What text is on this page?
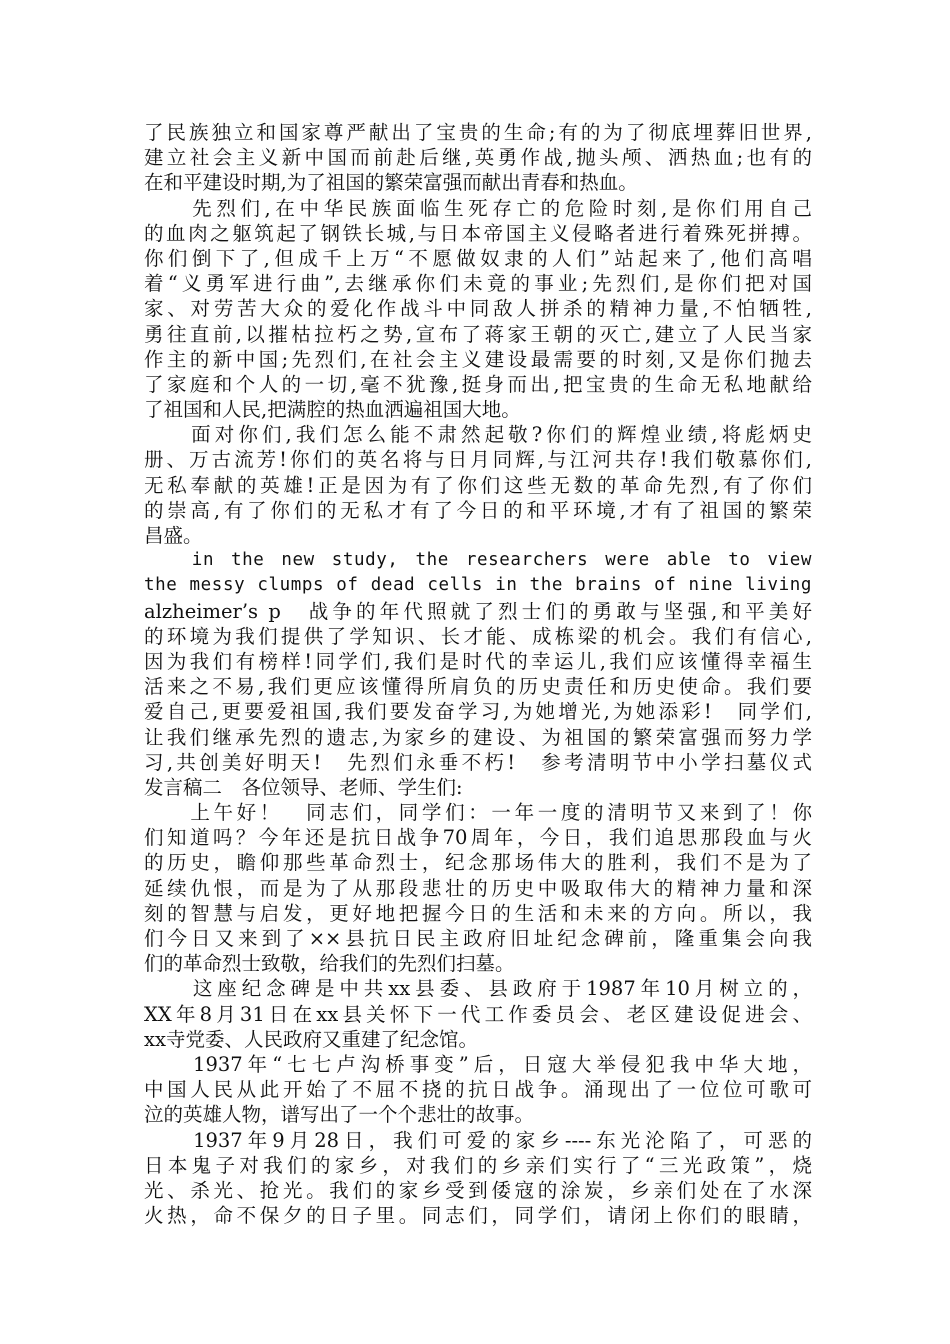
了民族独立和国家尊严献出了宝贵的生命;有的为了彻底埋葬旧世界,
建立社会主义新中国而前赴后继,英勇作战,抛头颅、洒热血;也有的
在和平建设时期,为了祖国的繁荣富强而献出青春和热血。
　　先烈们,在中华民族面临生死存亡的危险时刻,是你们用自己
的血肉之躯筑起了钢铁长城,与日本帝国主义侵略者进行着殊死拼搏。
你们倒下了,但成千上万“不愿做奴隶的人们”站起来了,他们高唱
着“义勇军进行曲”,去继承你们未竟的事业;先烈们,是你们把对国
家、对劳苦大众的爱化作战斗中同敌人拼杀的精神力量,不怕牺牲,
勇往直前,以摧枯拉朽之势,宣布了蒋家王朝的灭亡,建立了人民当家
作主的新中国;先烈们,在社会主义建设最需要的时刻,又是你们抛去
了家庭和个人的一切,毫不犹豫,挺身而出,把宝贵的生命无私地献给
了祖国和人民,把满腔的热血洒遍祖国大地。
　　面对你们,我们怎么能不肃然起敬?你们的辉煌业绩,将彪炳史
册、万古流芳!你们的英名将与日月同辉,与江河共存!我们敬慕你们,
无私奉献的英雄!正是因为有了你们这些无数的革命先烈,有了你们
的崇高,有了你们的无私才有了今日的和平环境,才有了祖国的繁荣
昌盛。
　　in the new study, the researchers were able to view
the messy clumps of dead cells in the brains of nine living
alzheimer’s p　战争的年代照就了烈士们的勇敢与坚强,和平美好
的环境为我们提供了学知识、长才能、成栋梁的机会。我们有信心,
因为我们有榜样!同学们,我们是时代的幸运儿,我们应该懂得幸福生
活来之不易,我们更应该懂得所肩负的历史责任和历史使命。我们要
爱自己,更要爱祖国,我们要发奋学习,为她增光,为她添彩!　同学们,
让我们继承先烈的遗志,为家乡的建设、为祖国的繁荣富强而努力学
习,共创美好明天!　先烈们永垂不朽!　参考清明节中小学扫墓仪式
发言稿二　各位领导、老师、学生们:
　　上午好！　同志们，同学们：一年一度的清明节又来到了！你
们知道吗？今年还是抗日战争70周年，今日，我们追思那段血与火
的历史，瞻仰那些革命烈士，纪念那场伟大的胜利，我们不是为了
延续仇恨，而是为了从那段悲壮的历史中吸取伟大的精神力量和深
刻的智慧与启发，更好地把握今日的生活和未来的方向。所以，我
们今日又来到了××县抗日民主政府旧址纪念碑前，隆重集会向我
们的革命烈士致敬，给我们的先烈们扫墓。
　　这座纪念碑是中共xx县委、县政府于1987年10月树立的，
XX年8月31日在xx县关怀下一代工作委员会、老区建设促进会、
xx寺党委、人民政府又重建了纪念馆。
　　1937年“七七卢沟桥事变”后，日寇大举侵犯我中华大地，
中国人民从此开始了不屈不挠的抗日战争。涌现出了一位位可歌可
泣的英雄人物，谱写出了一个个悲壮的故事。
　　1937年9月28日，我们可爱的家乡----东光沦陷了，可恶的
日本鬼子对我们的家乡，对我们的乡亲们实行了“三光政策”，烧
光、杀光、抢光。我们的家乡受到倭寇的涂炭，乡亲们处在了水深
火热，命不保夕的日子里。同志们，同学们，请闭上你们的眼睛，
